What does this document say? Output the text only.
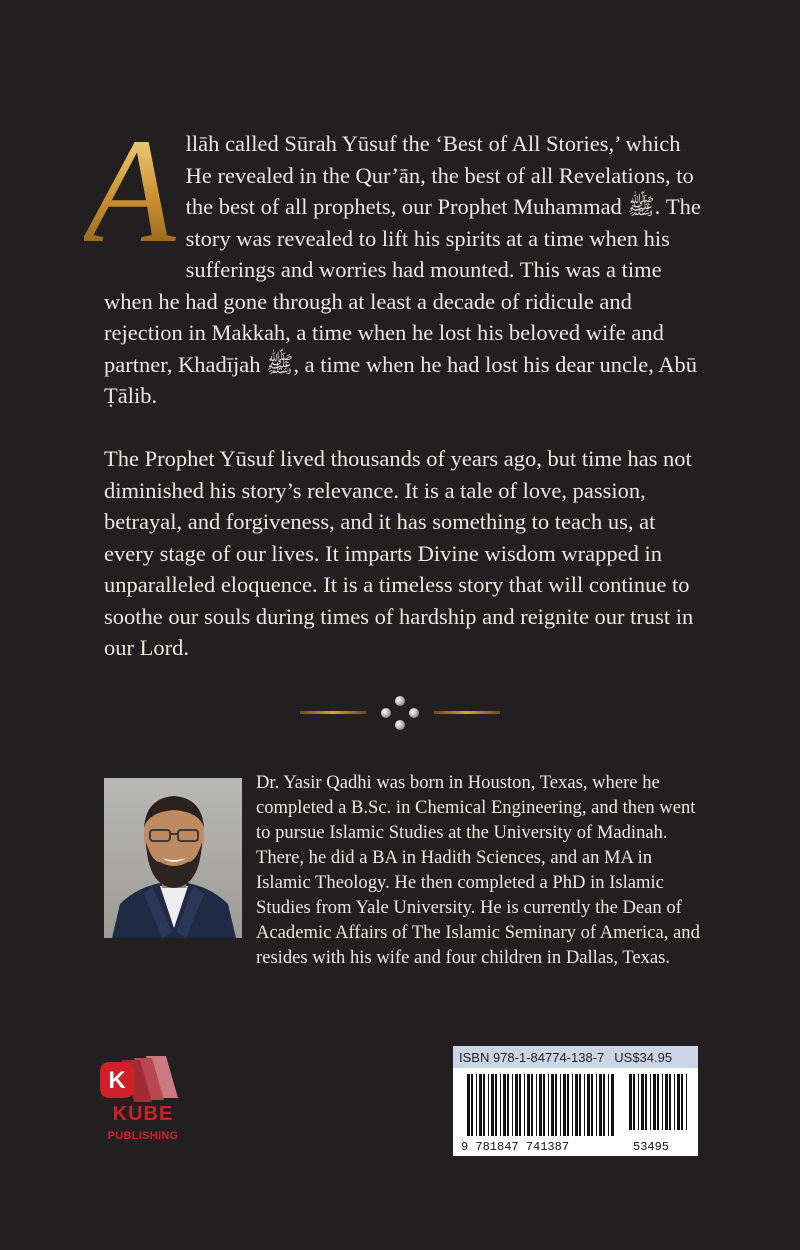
A llāh called Sūrah Yūsuf the ‘Best of All Stories,’ which He revealed in the Qur’ān, the best of all Revelations, to the best of all prophets, our Prophet Muhammad ﷺ. The story was revealed to lift his spirits at a time when his sufferings and worries had mounted. This was a time when he had gone through at least a decade of ridicule and rejection in Makkah, a time when he lost his beloved wife and partner, Khadījah ﷺ, a time when he had lost his dear uncle, Abū Ṭālib.

The Prophet Yūsuf lived thousands of years ago, but time has not diminished his story’s relevance. It is a tale of love, passion, betrayal, and forgiveness, and it has something to teach us, at every stage of our lives. It imparts Divine wisdom wrapped in unparalleled eloquence. It is a timeless story that will continue to soothe our souls during times of hardship and reignite our trust in our Lord.

Dr. Yasir Qadhi was born in Houston, Texas, where he completed a B.Sc. in Chemical Engineering, and then went to pursue Islamic Studies at the University of Madinah. There, he did a BA in Hadith Sciences, and an MA in Islamic Theology. He then completed a PhD in Islamic Studies from Yale University. He is currently the Dean of Academic Affairs of The Islamic Seminary of America, and resides with his wife and four children in Dallas, Texas.

K
KUBE
PUBLISHING
ISBN 978-1-84774-138-7 US$34.95
9 781847 741387	53495
